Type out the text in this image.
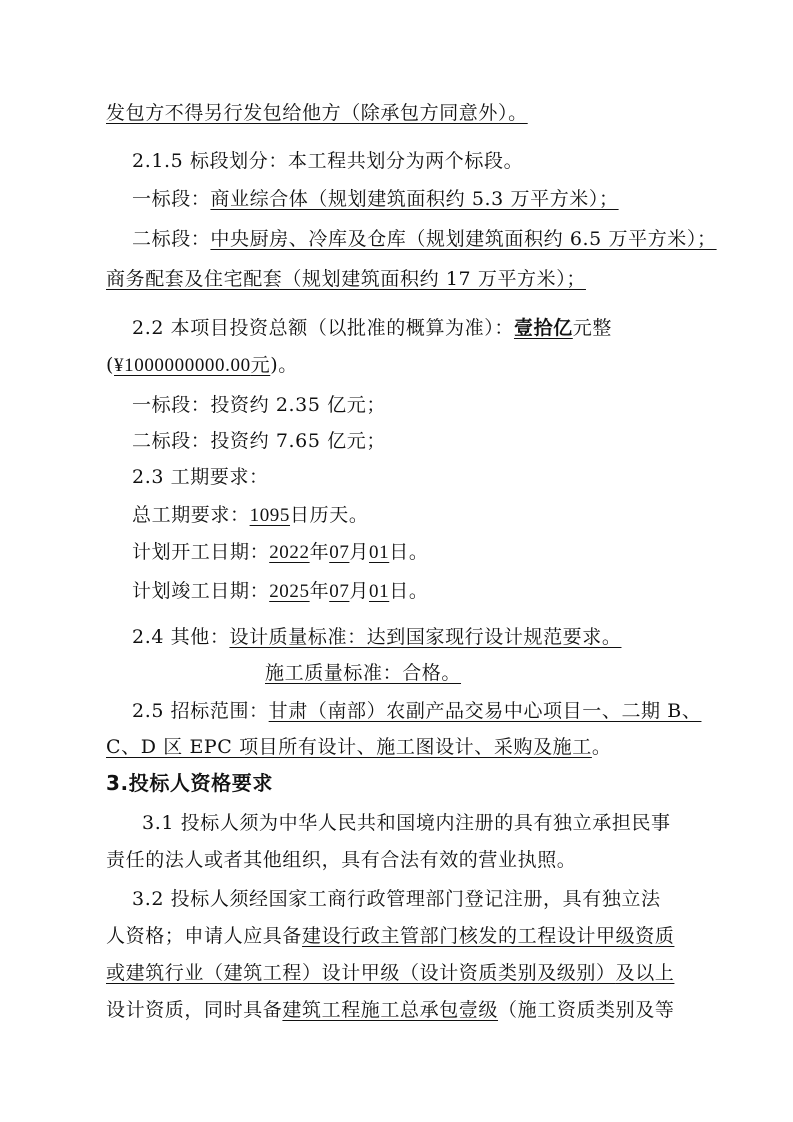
发包方不得另行发包给他方（除承包方同意外）。
2.1.5 标段划分：本工程共划分为两个标段。
一标段：商业综合体（规划建筑面积约 5.3 万平方米）；
二标段：中央厨房、冷库及仓库（规划建筑面积约 6.5 万平方米）；
商务配套及住宅配套（规划建筑面积约 17 万平方米）；
2.2 本项目投资总额（以批准的概算为准）：壹拾亿元整
(¥1000000000.00元)。
一标段：投资约 2.35 亿元；
二标段：投资约 7.65 亿元；
2.3 工期要求：
总工期要求：1095日历天。
计划开工日期：2022年07月01日。
计划竣工日期：2025年07月01日。
2.4 其他：设计质量标准：达到国家现行设计规范要求。
施工质量标准：合格。
2.5 招标范围：甘肃（南部）农副产品交易中心项目一、二期 B、
C、D 区 EPC 项目所有设计、施工图设计、采购及施工。
3.投标人资格要求
3.1 投标人须为中华人民共和国境内注册的具有独立承担民事
责任的法人或者其他组织，具有合法有效的营业执照。
3.2 投标人须经国家工商行政管理部门登记注册，具有独立法
人资格；申请人应具备建设行政主管部门核发的工程设计甲级资质
或建筑行业（建筑工程）设计甲级（设计资质类别及级别）及以上
设计资质，同时具备建筑工程施工总承包壹级（施工资质类别及等
